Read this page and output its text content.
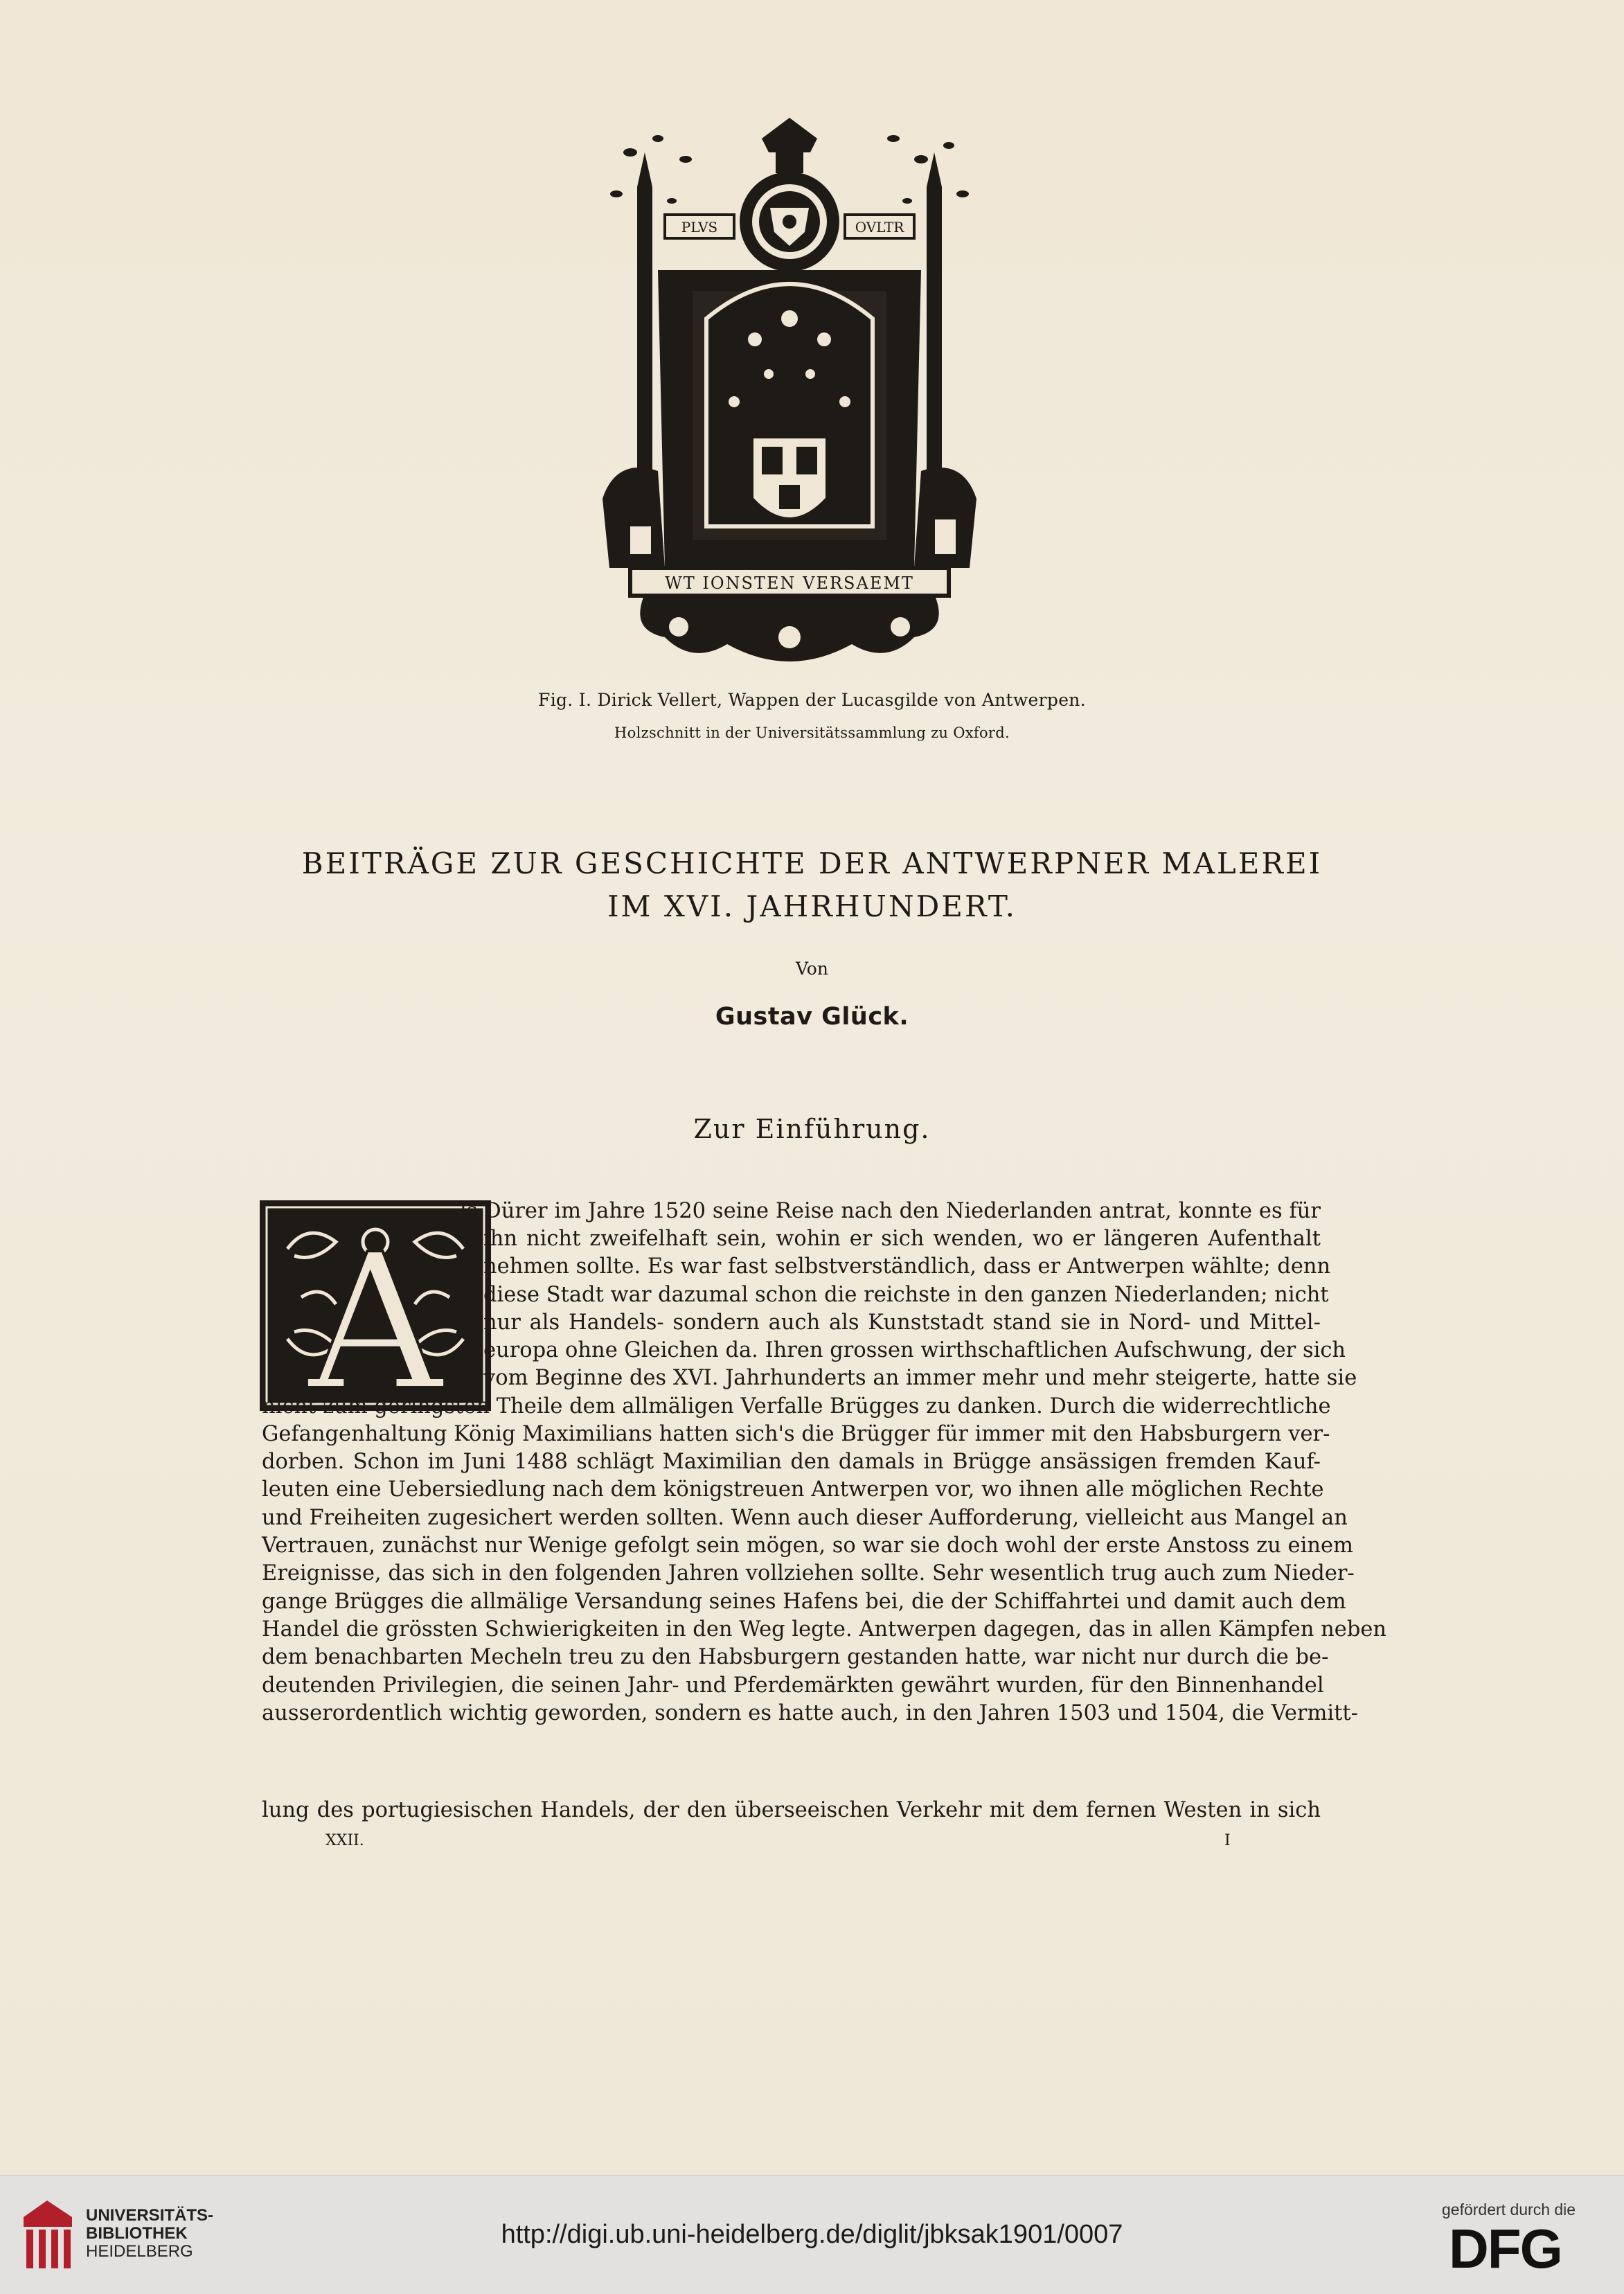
PLVS	OVLTR
WT IONSTEN VERSAEMT
Fig. I. Dirick Vellert, Wappen der Lucasgilde von Antwerpen.
Holzschnitt in der Universitätssammlung zu Oxford.
BEITRÄGE ZUR GESCHICHTE DER ANTWERPNER MALEREI
IM XVI. JAHRHUNDERT.
Von
Gustav Glück.
Zur Einführung.
A
ls Dürer im Jahre 1520 seine Reise nach den Niederlanden antrat, konnte es für
ihn nicht zweifelhaft sein, wohin er sich wenden, wo er längeren Aufenthalt
nehmen sollte. Es war fast selbstverständlich, dass er Antwerpen wählte; denn
diese Stadt war dazumal schon die reichste in den ganzen Niederlanden; nicht
nur als Handels- sondern auch als Kunststadt stand sie in Nord- und Mittel-
europa ohne Gleichen da. Ihren grossen wirthschaftlichen Aufschwung, der sich
vom Beginne des XVI. Jahrhunderts an immer mehr und mehr steigerte, hatte sie
nicht zum geringsten Theile dem allmäligen Verfalle Brügges zu danken. Durch die widerrechtliche
Gefangenhaltung König Maximilians hatten sich's die Brügger für immer mit den Habsburgern ver-
dorben. Schon im Juni 1488 schlägt Maximilian den damals in Brügge ansässigen fremden Kauf-
leuten eine Uebersiedlung nach dem königstreuen Antwerpen vor, wo ihnen alle möglichen Rechte
und Freiheiten zugesichert werden sollten. Wenn auch dieser Aufforderung, vielleicht aus Mangel an
Vertrauen, zunächst nur Wenige gefolgt sein mögen, so war sie doch wohl der erste Anstoss zu einem
Ereignisse, das sich in den folgenden Jahren vollziehen sollte. Sehr wesentlich trug auch zum Nieder-
gange Brügges die allmälige Versandung seines Hafens bei, die der Schiffahrtei und damit auch dem
Handel die grössten Schwierigkeiten in den Weg legte. Antwerpen dagegen, das in allen Kämpfen neben
dem benachbarten Mecheln treu zu den Habsburgern gestanden hatte, war nicht nur durch die be-
deutenden Privilegien, die seinen Jahr- und Pferdemärkten gewährt wurden, für den Binnenhandel
ausserordentlich wichtig geworden, sondern es hatte auch, in den Jahren 1503 und 1504, die Vermitt-
lung des portugiesischen Handels, der den überseeischen Verkehr mit dem fernen Westen in sich
XXII.	I
UNIVERSITÄTS-
BIBLIOTHEK
HEIDELBERG
http://digi.ub.uni-heidelberg.de/diglit/jbksak1901/0007
gefördert durch die
DFG
